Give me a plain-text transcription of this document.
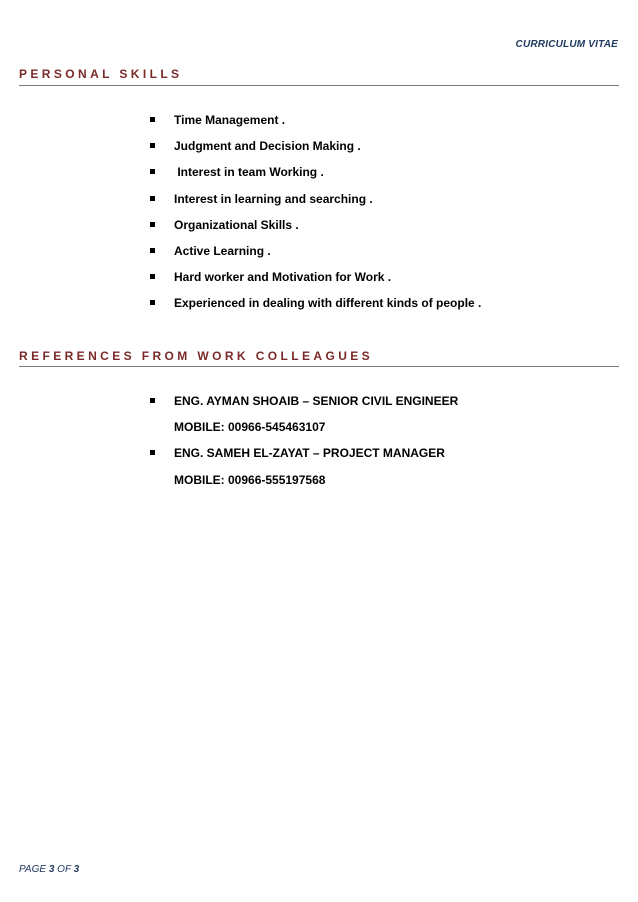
CURRICULUM VITAE
PERSONAL SKILLS
Time Management .
Judgment and Decision Making .
Interest in team Working .
Interest in learning and searching .
Organizational Skills .
Active Learning .
Hard worker and Motivation for Work .
Experienced in dealing with different kinds of people .
REFERENCES FROM WORK COLLEAGUES
ENG. AYMAN SHOAIB – SENIOR CIVIL ENGINEER
MOBILE: 00966-545463107
ENG. SAMEH EL-ZAYAT – PROJECT MANAGER
MOBILE: 00966-555197568
PAGE 3 OF 3
